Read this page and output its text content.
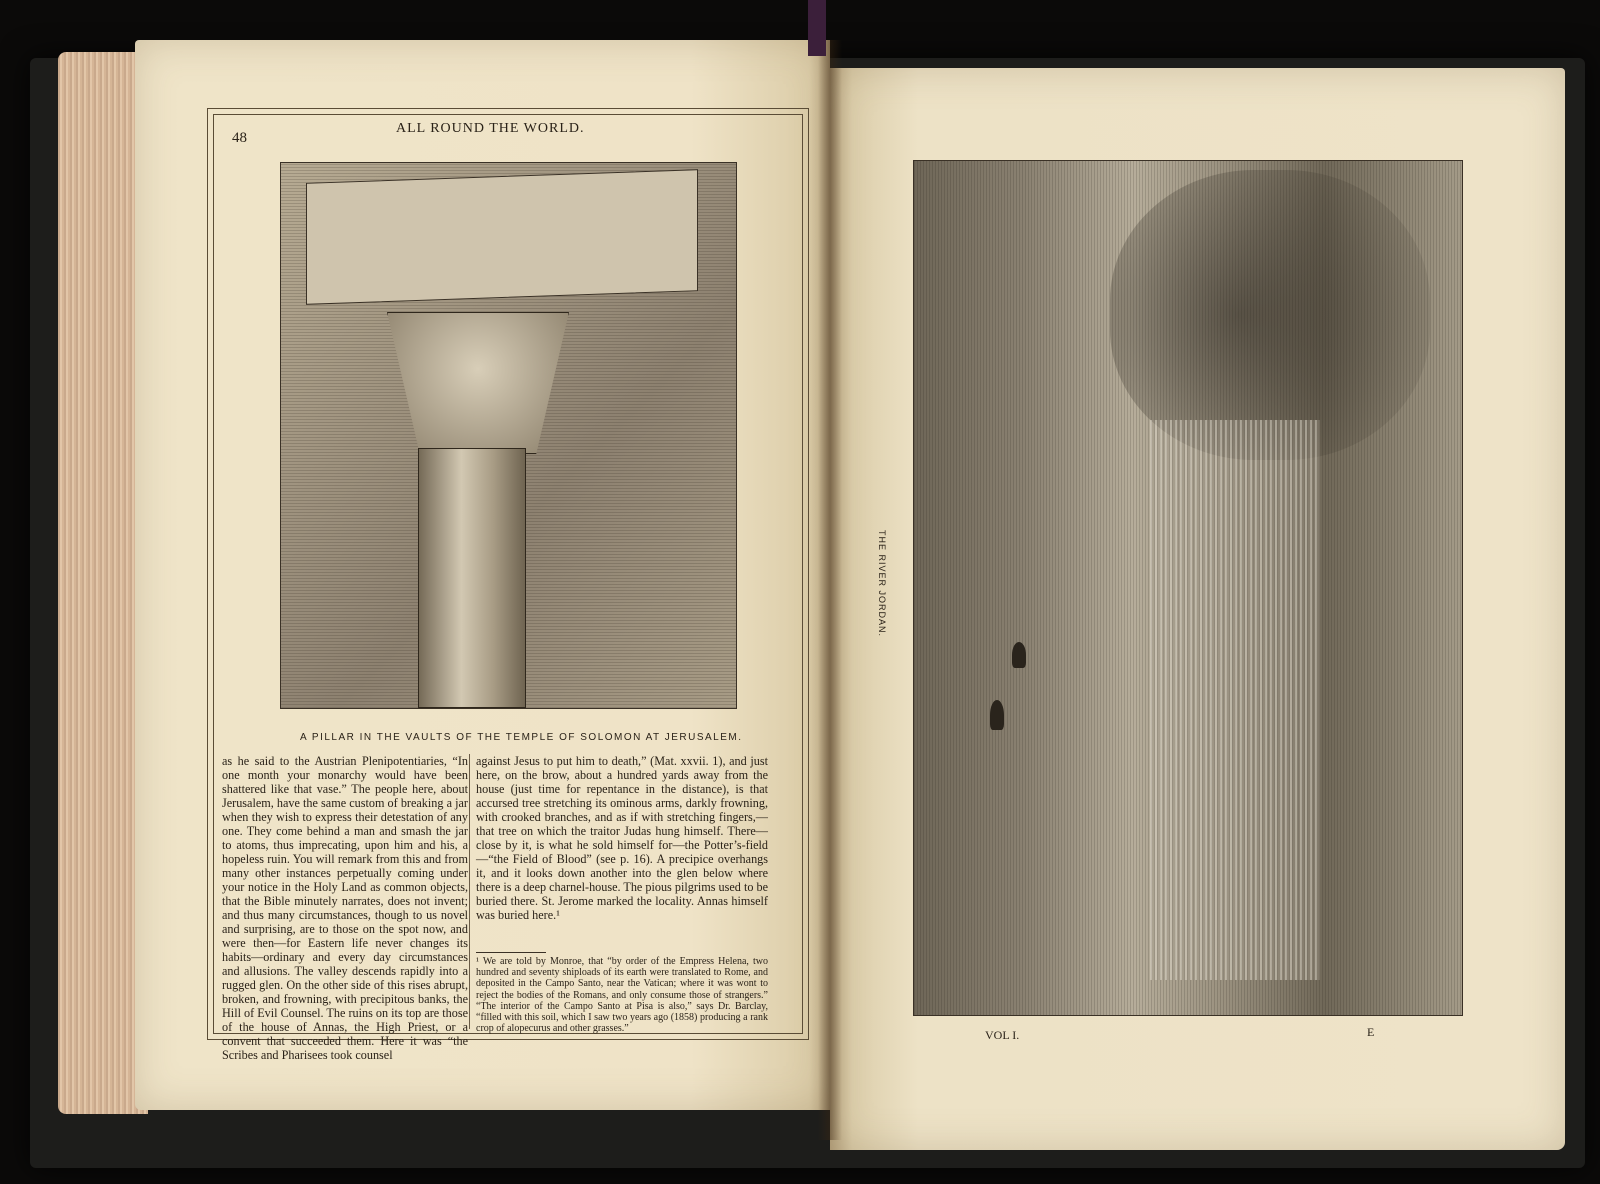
48
ALL ROUND THE WORLD.
A PILLAR IN THE VAULTS OF THE TEMPLE OF SOLOMON AT JERUSALEM.
as he said to the Austrian Plenipotentiaries, “In one month your monarchy would have been shattered like that vase.” The people here, about Jerusalem, have the same custom of breaking a jar when they wish to express their detestation of any one. They come behind a man and smash the jar to atoms, thus imprecating, upon him and his, a hopeless ruin. You will remark from this and from many other instances perpetually coming under your notice in the Holy Land as common objects, that the Bible minutely narrates, does not invent; and thus many circumstances, though to us novel and surprising, are to those on the spot now, and were then—for Eastern life never changes its habits—ordinary and every day circumstances and allusions. The valley descends rapidly into a rugged glen. On the other side of this rises abrupt, broken, and frowning, with precipitous banks, the Hill of Evil Counsel. The ruins on its top are those of the house of Annas, the High Priest, or a convent that succeeded them. Here it was “the Scribes and Pharisees took counsel
against Jesus to put him to death,” (Mat. xxvii. 1), and just here, on the brow, about a hundred yards away from the house (just time for repentance in the distance), is that accursed tree stretching its ominous arms, darkly frowning, with crooked branches, and as if with stretching fingers,—that tree on which the traitor Judas hung himself. There—close by it, is what he sold himself for—the Potter’s-field—“the Field of Blood” (see p. 16). A precipice overhangs it, and it looks down another into the glen below where there is a deep charnel-house. The pious pilgrims used to be buried there. St. Jerome marked the locality. Annas himself was buried here.¹
¹ We are told by Monroe, that “by order of the Empress Helena, two hundred and seventy shiploads of its earth were translated to Rome, and deposited in the Campo Santo, near the Vatican; where it was wont to reject the bodies of the Romans, and only consume those of strangers.” “The interior of the Campo Santo at Pisa is also,” says Dr. Barclay, “filled with this soil, which I saw two years ago (1858) producing a rank crop of alopecurus and other grasses.”
THE RIVER JORDAN.
VOL I.	E
